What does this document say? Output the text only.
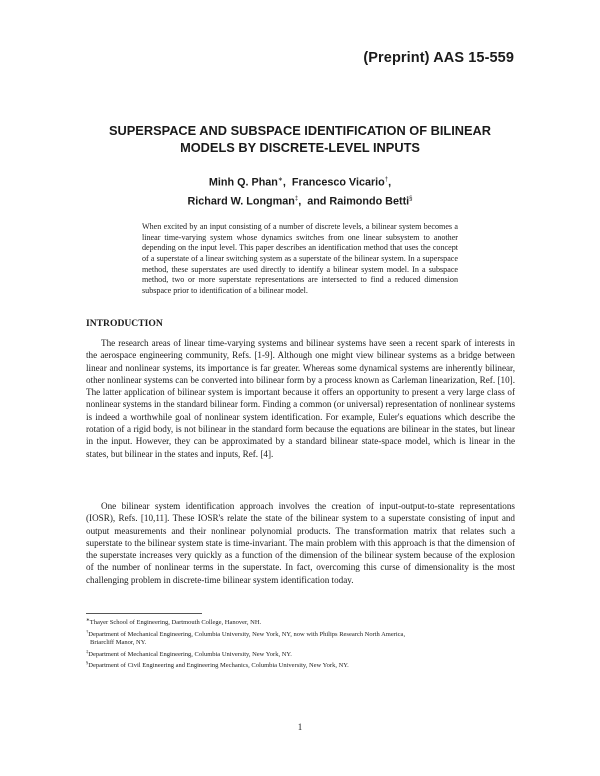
(Preprint) AAS 15-559
SUPERSPACE AND SUBSPACE IDENTIFICATION OF BILINEAR
MODELS BY DISCRETE-LEVEL INPUTS
Minh Q. Phan∗,  Francesco Vicario†,
Richard W. Longman‡,  and Raimondo Betti§
When excited by an input consisting of a number of discrete levels, a bilinear system becomes a linear time-varying system whose dynamics switches from one linear subsystem to another depending on the input level. This paper describes an identification method that uses the concept of a superstate of a linear switching system as a superstate of the bilinear system. In a superspace method, these superstates are used directly to identify a bilinear system model. In a subspace method, two or more superstate representations are intersected to find a reduced dimension subspace prior to identification of a bilinear model.
INTRODUCTION
The research areas of linear time-varying systems and bilinear systems have seen a recent spark of interests in the aerospace engineering community, Refs. [1-9]. Although one might view bilinear systems as a bridge between linear and nonlinear systems, its importance is far greater. Whereas some dynamical systems are inherently bilinear, other nonlinear systems can be converted into bilinear form by a process known as Carleman linearization, Ref. [10]. The latter application of bilinear system is important because it offers an opportunity to present a very large class of nonlinear systems in the standard bilinear form. Finding a common (or universal) representation of nonlinear systems is indeed a worthwhile goal of nonlinear system identification. For example, Euler's equations which describe the rotation of a rigid body, is not bilinear in the standard form because the equations are bilinear in the states, but linear in the input. However, they can be approximated by a standard bilinear state-space model, which is linear in the states, but bilinear in the states and inputs, Ref. [4].
One bilinear system identification approach involves the creation of input-output-to-state representations (IOSR), Refs. [10,11]. These IOSR's relate the state of the bilinear system to a superstate consisting of input and output measurements and their nonlinear polynomial products. The transformation matrix that relates such a superstate to the bilinear system state is time-invariant. The main problem with this approach is that the dimension of the superstate increases very quickly as a function of the dimension of the bilinear system because of the explosion of the number of nonlinear terms in the superstate. In fact, overcoming this curse of dimensionality is the most challenging problem in discrete-time bilinear system identification today.
∗Thayer School of Engineering, Dartmouth College, Hanover, NH.
†Department of Mechanical Engineering, Columbia University, New York, NY, now with Philips Research North America,
Briarcliff Manor, NY.
‡Department of Mechanical Engineering, Columbia University, New York, NY.
§Department of Civil Engineering and Engineering Mechanics, Columbia University, New York, NY.
1
